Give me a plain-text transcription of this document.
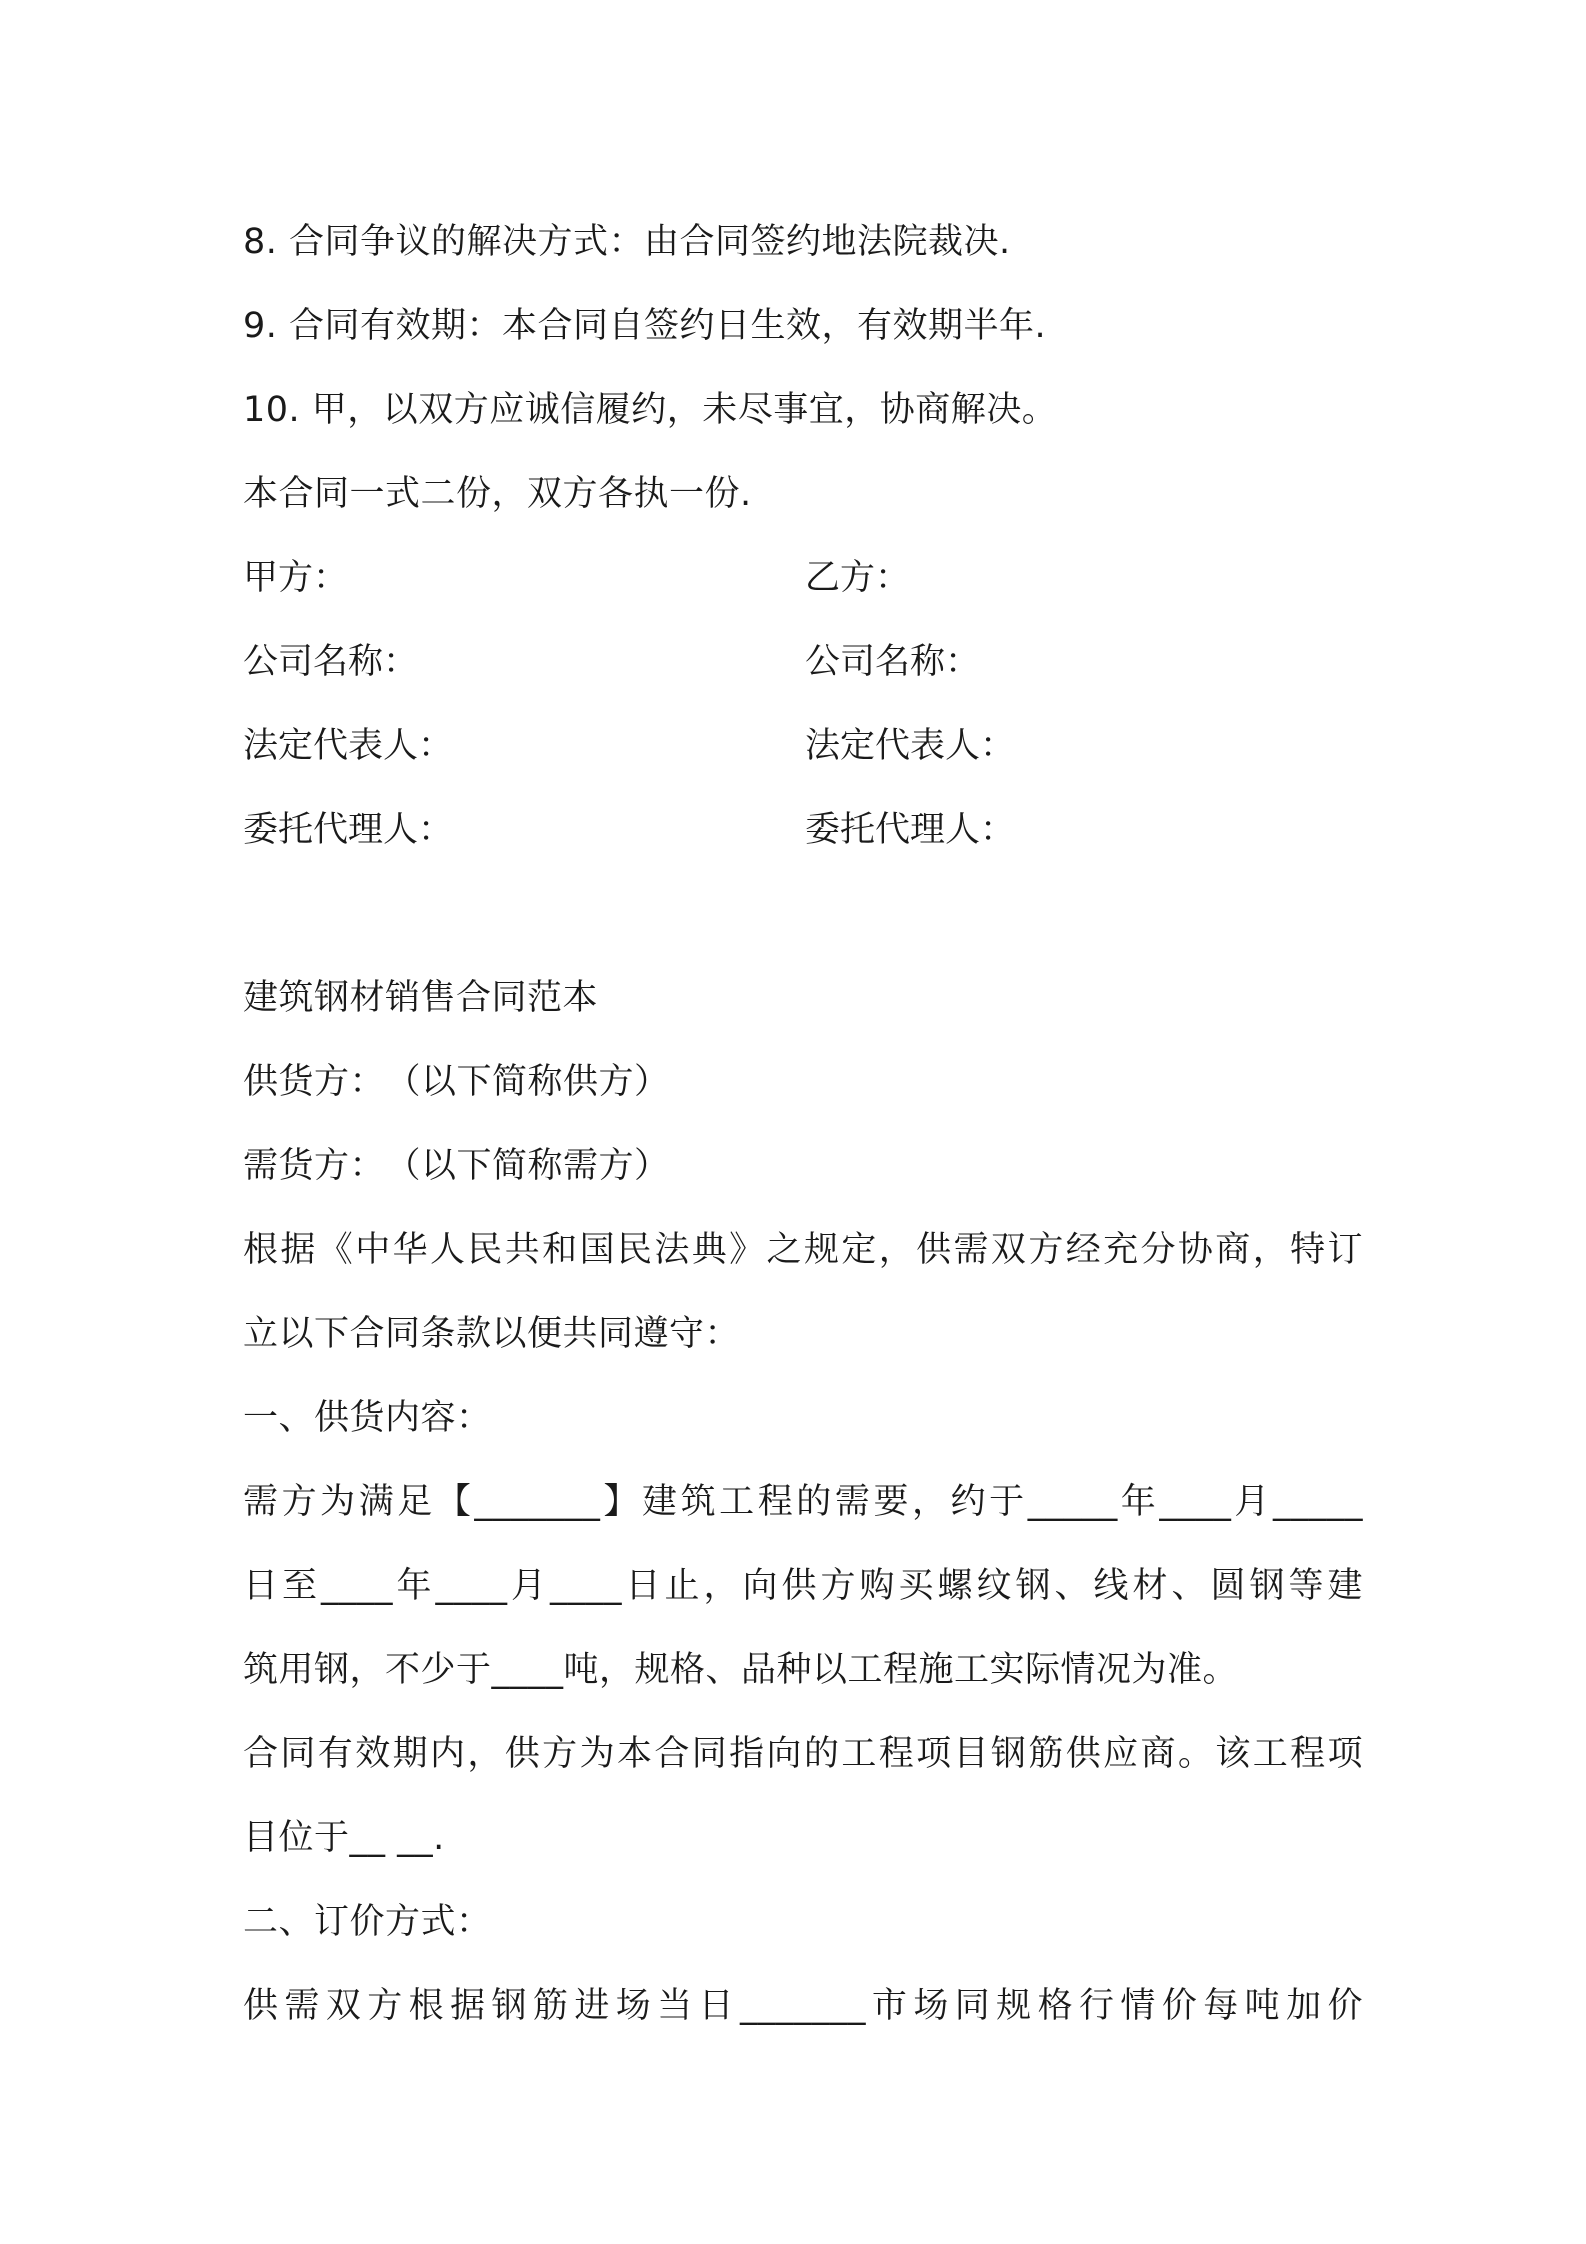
8. 合同争议的解决方式：由合同签约地法院裁决.
9. 合同有效期：本合同自签约日生效，有效期半年.
10. 甲，以双方应诚信履约，未尽事宜，协商解决。
本合同一式二份，双方各执一份.
甲方：	乙方：
公司名称：	公司名称：
法定代表人：	法定代表人：
委托代理人：	委托代理人：
建筑钢材销售合同范本
供货方：　（以下简称供方）
需货方：　（以下简称需方）
根据《中华人民共和国民法典》之规定，供需双方经充分协商，特订
立以下合同条款以便共同遵守：
一、供货内容：
需方为满足【_______】建筑工程的需要，约于_____年____月_____
日至____年____月____日止，向供方购买螺纹钢、线材、圆钢等建
筑用钢，不少于____吨，规格、品种以工程施工实际情况为准。
合同有效期内，供方为本合同指向的工程项目钢筋供应商。该工程项
目位于__ __.
二、订价方式：
供需双方根据钢筋进场当日_______市场同规格行情价每吨加价
